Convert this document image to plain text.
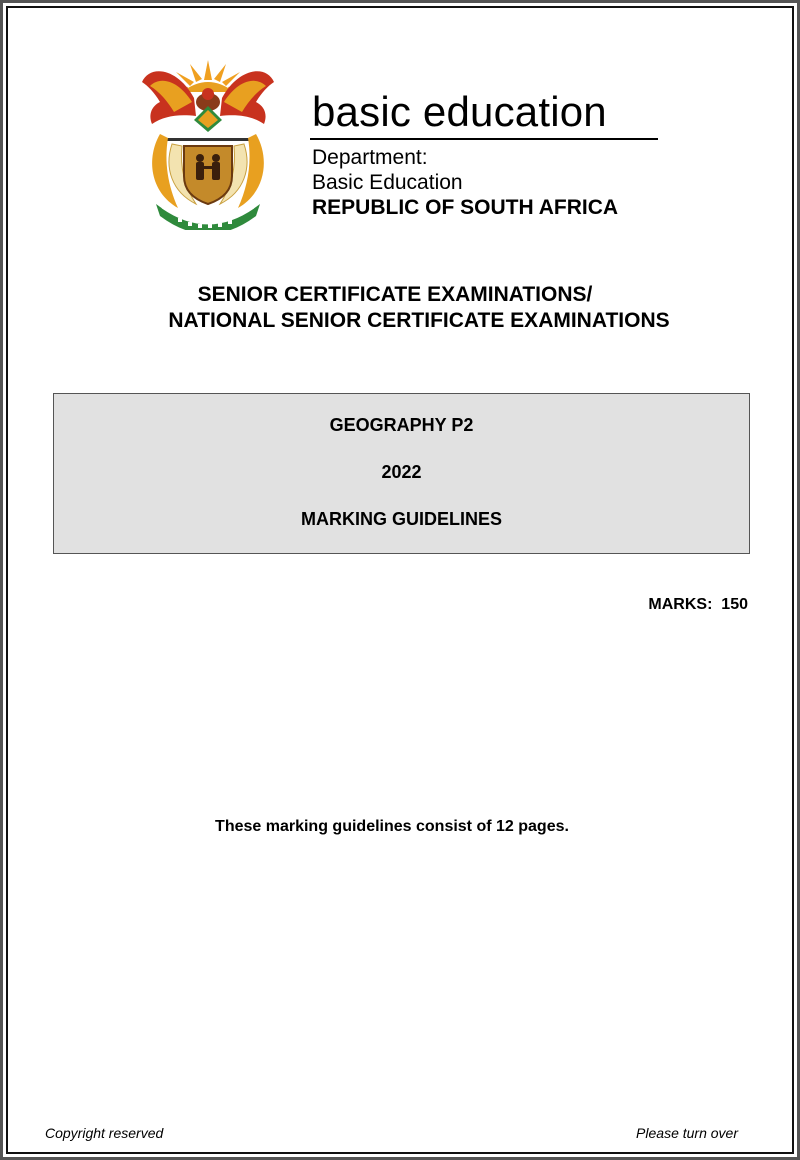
basic education
Department:
Basic Education
REPUBLIC OF SOUTH AFRICA
SENIOR CERTIFICATE EXAMINATIONS/
NATIONAL SENIOR CERTIFICATE EXAMINATIONS
GEOGRAPHY P2
2022
MARKING GUIDELINES
MARKS:  150
These marking guidelines consist of 12 pages.
Copyright reserved	Please turn over
